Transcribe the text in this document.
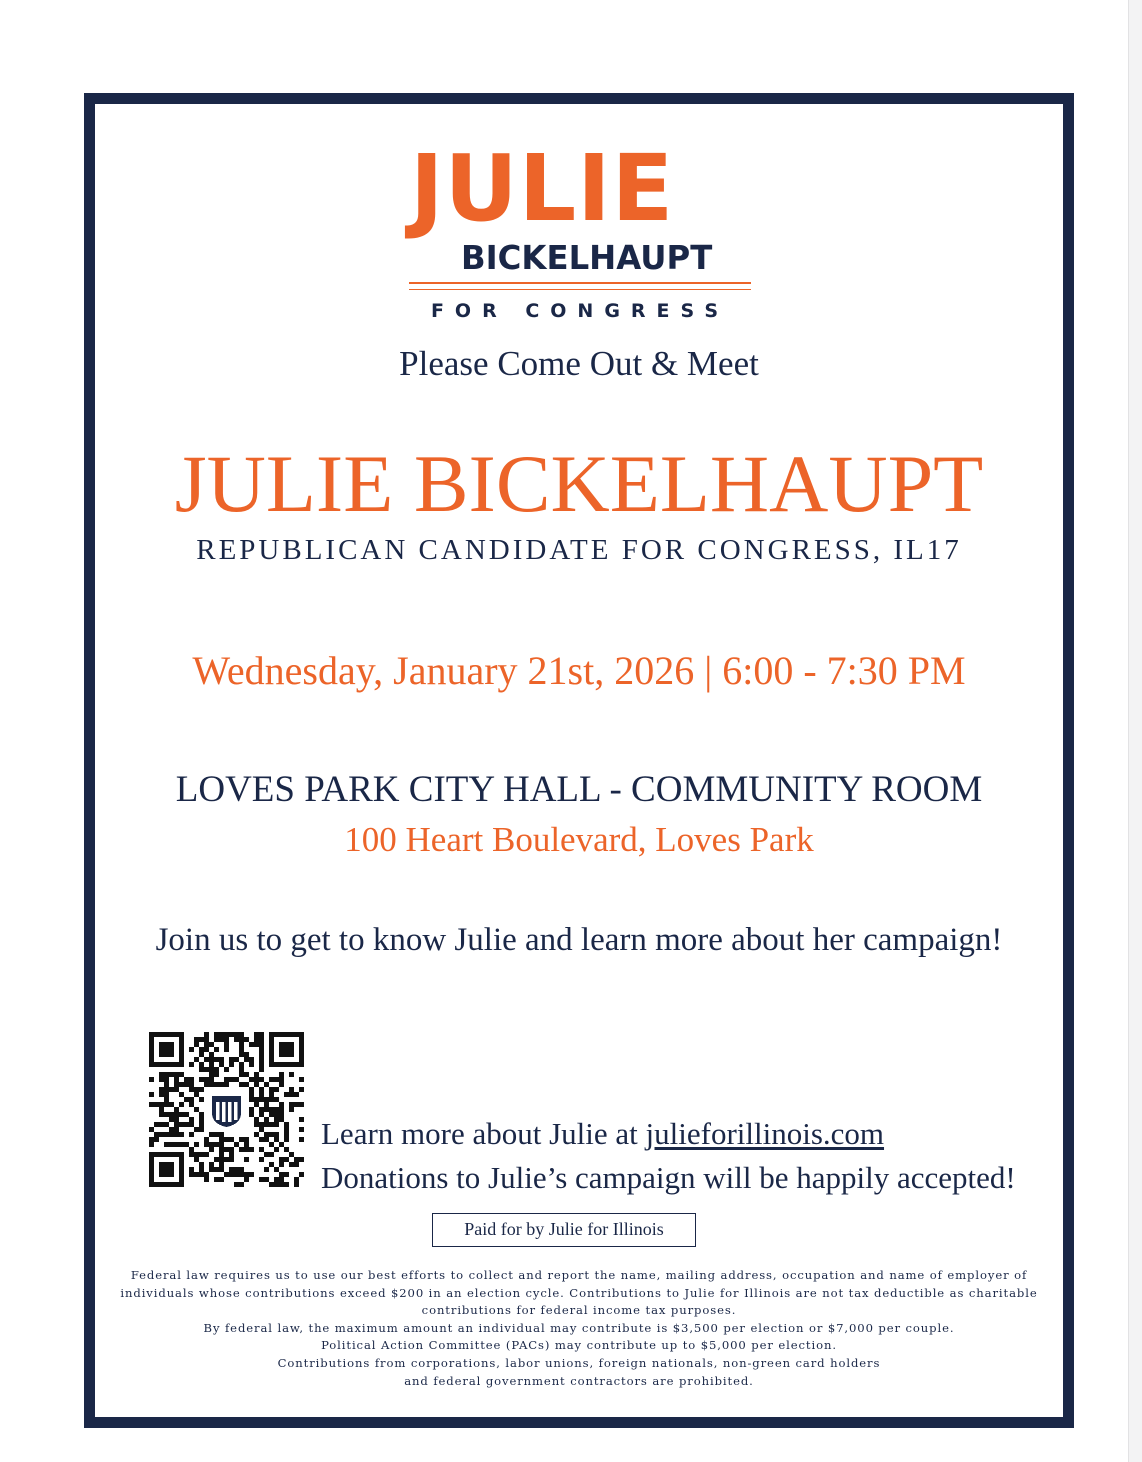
JULIE
BICKELHAUPT
FOR CONGRESS
Please Come Out & Meet
JULIE BICKELHAUPT
REPUBLICAN CANDIDATE FOR CONGRESS, IL17
Wednesday, January 21st, 2026 | 6:00 - 7:30 PM
LOVES PARK CITY HALL - COMMUNITY ROOM
100 Heart Boulevard, Loves Park
Join us to get to know Julie and learn more about her campaign!
Learn more about Julie at julieforillinois.com
Donations to Julie’s campaign will be happily accepted!
Paid for by Julie for Illinois
Federal law requires us to use our best efforts to collect and report the name, mailing address, occupation and name of employer of
individuals whose contributions exceed $200 in an election cycle. Contributions to Julie for Illinois are not tax deductible as charitable
contributions for federal income tax purposes.
By federal law, the maximum amount an individual may contribute is $3,500 per election or $7,000 per couple.
Political Action Committee (PACs) may contribute up to $5,000 per election.
Contributions from corporations, labor unions, foreign nationals, non-green card holders
and federal government contractors are prohibited.
